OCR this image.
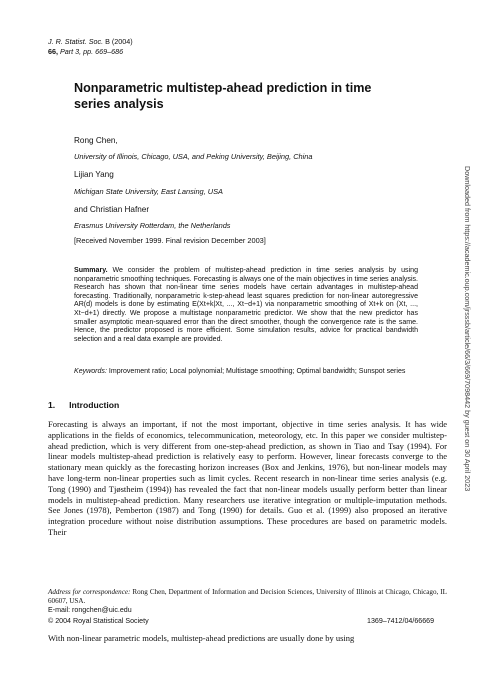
J. R. Statist. Soc. B (2004)
66, Part 3, pp. 669–686
Nonparametric multistep-ahead prediction in time series analysis
Rong Chen,
University of Illinois, Chicago, USA, and Peking University, Beijing, China
Lijian Yang
Michigan State University, East Lansing, USA
and Christian Hafner
Erasmus University Rotterdam, the Netherlands
[Received November 1999. Final revision December 2003]
Summary. We consider the problem of multistep-ahead prediction in time series analysis by using nonparametric smoothing techniques. Forecasting is always one of the main objectives in time series analysis. Research has shown that non-linear time series models have certain advantages in multistep-ahead forecasting. Traditionally, nonparametric k-step-ahead least squares prediction for non-linear autoregressive AR(d) models is done by estimating E(Xt+k|Xt, ..., Xt−d+1) via nonparametric smoothing of Xt+k on (Xt, ..., Xt−d+1) directly. We propose a multistage nonparametric predictor. We show that the new predictor has smaller asymptotic mean-squared error than the direct smoother, though the convergence rate is the same. Hence, the predictor proposed is more efficient. Some simulation results, advice for practical bandwidth selection and a real data example are provided.
Keywords: Improvement ratio; Local polynomial; Multistage smoothing; Optimal bandwidth; Sunspot series
1. Introduction
Forecasting is always an important, if not the most important, objective in time series analysis. It has wide applications in the fields of economics, telecommunication, meteorology, etc. In this paper we consider multistep-ahead prediction, which is very different from one-step-ahead prediction, as shown in Tiao and Tsay (1994). For linear models multistep-ahead prediction is relatively easy to perform. However, linear forecasts converge to the stationary mean quickly as the forecasting horizon increases (Box and Jenkins, 1976), but non-linear models may have long-term non-linear properties such as limit cycles. Recent research in non-linear time series analysis (e.g. Tong (1990) and Tjøstheim (1994)) has revealed the fact that non-linear models usually perform better than linear models in multistep-ahead prediction. Many researchers use iterative integration or multiple-imputation methods. See Jones (1978), Pemberton (1987) and Tong (1990) for details. Guo et al. (1999) also proposed an iterative integration procedure without noise distribution assumptions. These procedures are based on parametric models. Their
Address for correspondence: Rong Chen, Department of Information and Decision Sciences, University of Illinois at Chicago, Chicago, IL 60607, USA.
E-mail: rongchen@uic.edu
© 2004 Royal Statistical Society	1369–7412/04/66669
With non-linear parametric models, multistep-ahead predictions are usually done by using
Downloaded from https://academic.oup.com/jrsssb/article/66/3/669/7098442 by guest on 30 April 2023
